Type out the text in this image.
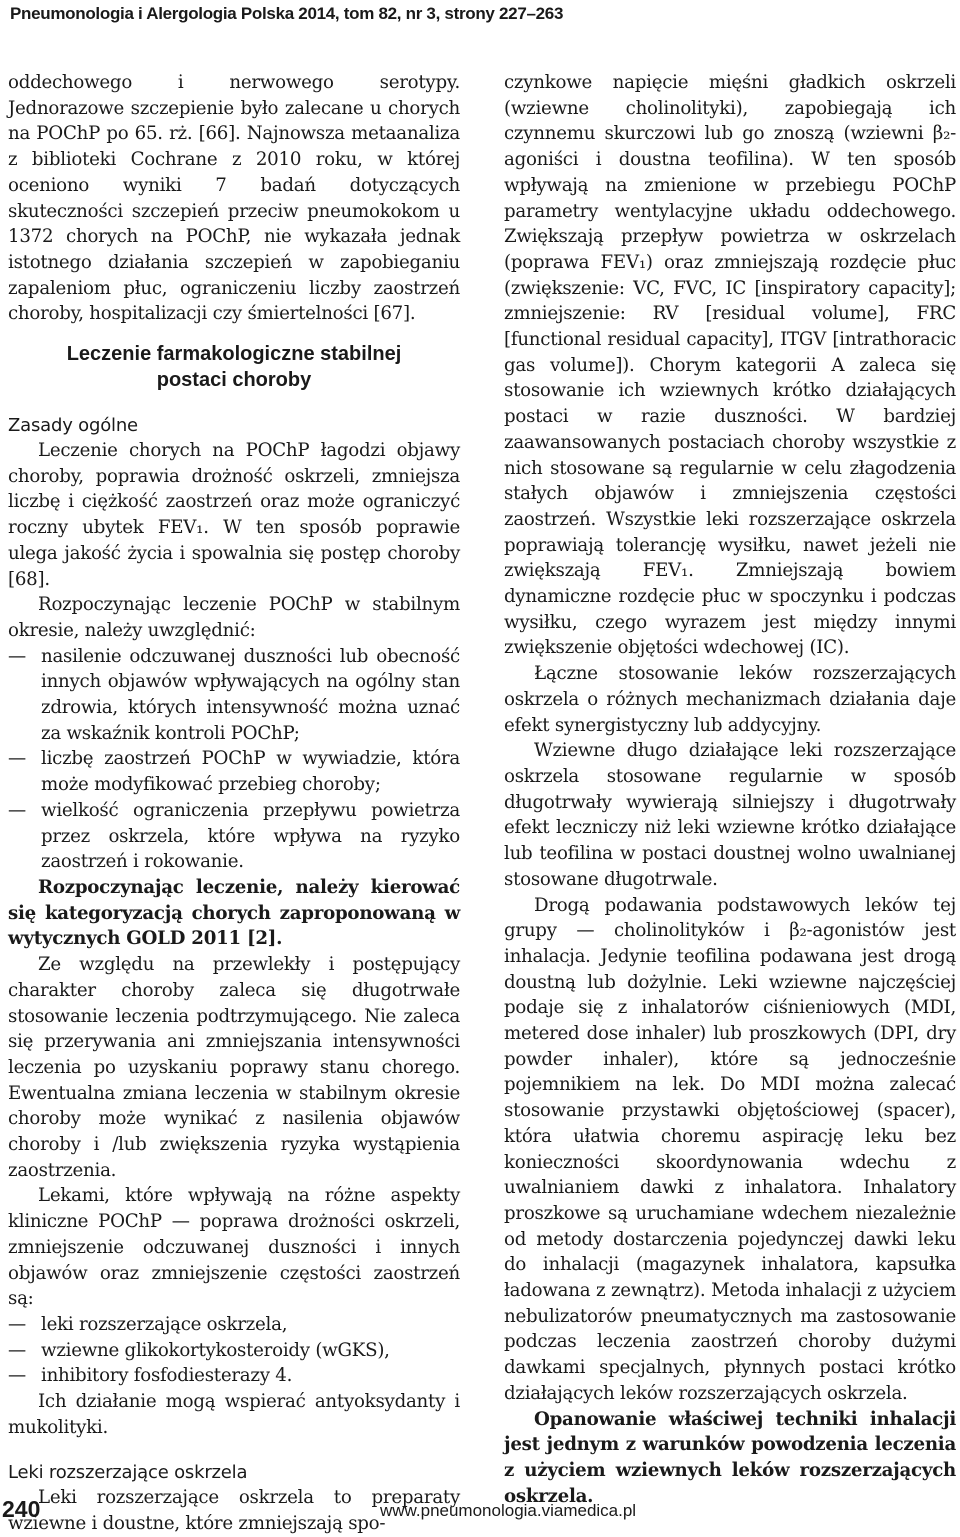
Pneumonologia i Alergologia Polska 2014, tom 82, nr 3, strony 227–263

oddechowego i nerwowego serotypy. Jednorazowe szczepienie było zalecane u chorych na POChP po 65. rż. [66]. Najnowsza metaanaliza z biblioteki Cochrane z 2010 roku, w której oceniono wyniki 7 badań dotyczących skuteczności szczepień przeciw pneumokokom u 1372 chorych na POChP, nie wykazała jednak istotnego działania szczepień w zapobieganiu zapaleniom płuc, ograniczeniu liczby zaostrzeń choroby, hospitalizacji czy śmiertelności [67].

Leczenie farmakologiczne stabilnej
postaci choroby
Zasady ogólne

Leczenie chorych na POChP łagodzi objawy choroby, poprawia drożność oskrzeli, zmniejsza liczbę i ciężkość zaostrzeń oraz może ograniczyć roczny ubytek FEV₁. W ten sposób poprawie ulega jakość życia i spowalnia się postęp choroby [68].

Rozpoczynając leczenie POChP w stabilnym okresie, należy uwzględnić:

— nasilenie odczuwanej duszności lub obecność innych objawów wpływających na ogólny stan zdrowia, których intensywność można uznać za wskaźnik kontroli POChP;
— liczbę zaostrzeń POChP w wywiadzie, która może modyfikować przebieg choroby;
— wielkość ograniczenia przepływu powietrza przez oskrzela, które wpływa na ryzyko zaostrzeń i rokowanie.

Rozpoczynając leczenie, należy kierować się kategoryzacją chorych zaproponowaną w wytycznych GOLD 2011 [2].

Ze względu na przewlekły i postępujący charakter choroby zaleca się długotrwałe stosowanie leczenia podtrzymującego. Nie zaleca się przerywania ani zmniejszania intensywności leczenia po uzyskaniu poprawy stanu chorego. Ewentualna zmiana leczenia w stabilnym okresie choroby może wynikać z nasilenia objawów choroby i /lub zwiększenia ryzyka wystąpienia zaostrzenia.

Lekami, które wpływają na różne aspekty kliniczne POChP — poprawa drożności oskrzeli, zmniejszenie odczuwanej duszności i innych objawów oraz zmniejszenie częstości zaostrzeń są:

— leki rozszerzające oskrzela,
— wziewne glikokortykosteroidy (wGKS),
— inhibitory fosfodiesterazy 4.

Ich działanie mogą wspierać antyoksydanty i mukolityki.

Leki rozszerzające oskrzela

Leki rozszerzające oskrzela to preparaty wziewne i doustne, które zmniejszają spo-

czynkowe napięcie mięśni gładkich oskrzeli (wziewne cholinolityki), zapobiegają ich czynnemu skurczowi lub go znoszą (wziewni β₂-agoniści i doustna teofilina). W ten sposób wpływają na zmienione w przebiegu POChP parametry wentylacyjne układu oddechowego. Zwiększają przepływ powietrza w oskrzelach (poprawa FEV₁) oraz zmniejszają rozdęcie płuc (zwiększenie: VC, FVC, IC [inspiratory capacity]; zmniejszenie: RV [residual volume], FRC [functional residual capacity], ITGV [intrathoracic gas volume]). Chorym kategorii A zaleca się stosowanie ich wziewnych krótko działających postaci w razie duszności. W bardziej zaawansowanych postaciach choroby wszystkie z nich stosowane są regularnie w celu złagodzenia stałych objawów i zmniejszenia częstości zaostrzeń. Wszystkie leki rozszerzające oskrzela poprawiają tolerancję wysiłku, nawet jeżeli nie zwiększają FEV₁. Zmniejszają bowiem dynamiczne rozdęcie płuc w spoczynku i podczas wysiłku, czego wyrazem jest między innymi zwiększenie objętości wdechowej (IC).

Łączne stosowanie leków rozszerzających oskrzela o różnych mechanizmach działania daje efekt synergistyczny lub addycyjny.

Wziewne długo działające leki rozszerzające oskrzela stosowane regularnie w sposób długotrwały wywierają silniejszy i długotrwały efekt leczniczy niż leki wziewne krótko działające lub teofilina w postaci doustnej wolno uwalnianej stosowane długotrwale.

Drogą podawania podstawowych leków tej grupy — cholinolityków i β₂-agonistów jest inhalacja. Jedynie teofilina podawana jest drogą doustną lub dożylnie. Leki wziewne najczęściej podaje się z inhalatorów ciśnieniowych (MDI, metered dose inhaler) lub proszkowych (DPI, dry powder inhaler), które są jednocześnie pojemnikiem na lek. Do MDI można zalecać stosowanie przystawki objętościowej (spacer), która ułatwia choremu aspirację leku bez konieczności skoordynowania wdechu z uwalnianiem dawki z inhalatora. Inhalatory proszkowe są uruchamiane wdechem niezależnie od metody dostarczenia pojedynczej dawki leku do inhalacji (magazynek inhalatora, kapsułka ładowana z zewnątrz). Metoda inhalacji z użyciem nebulizatorów pneumatycznych ma zastosowanie podczas leczenia zaostrzeń choroby dużymi dawkami specjalnych, płynnych postaci krótko działających leków rozszerzających oskrzela.

Opanowanie właściwej techniki inhalacji jest jednym z warunków powodzenia leczenia z użyciem wziewnych leków rozszerzających oskrzela.

240	www.pneumonologia.viamedica.pl
